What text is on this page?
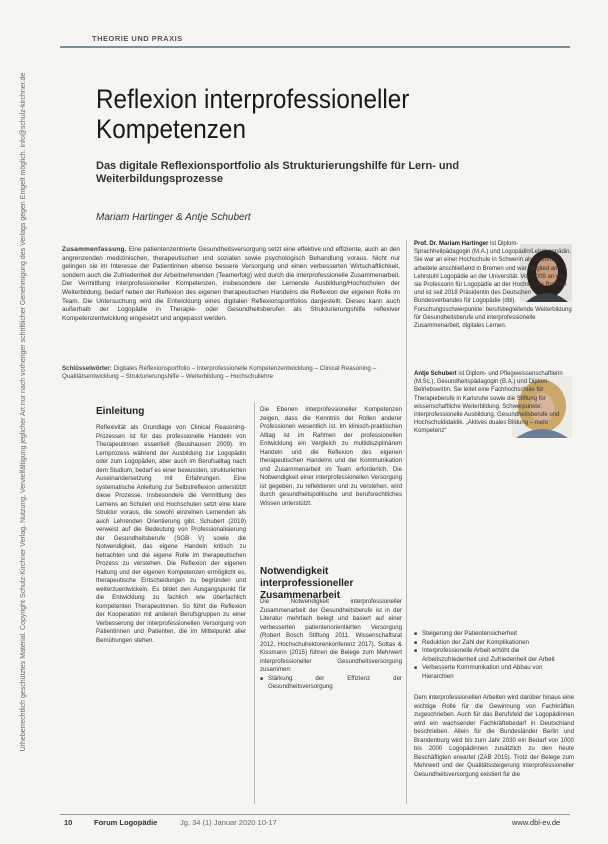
Urheberrechtlich geschütztes Material. Copyright Schulz-Kirchner Verlag. Nutzung, Vervielfältigung jeglicher Art nur nach vorheriger schriftlicher Genehmigung des Verlags gegen Entgelt möglich. info@schulz-kirchner.de
THEORIE UND PRAXIS
Reflexion interprofessioneller Kompetenzen
Das digitale Reflexionsportfolio als Strukturierungshilfe für Lern- und Weiterbildungsprozesse
Mariam Hartinger & Antje Schubert
Zusammenfassung. Eine patientenzentrierte Gesundheitsversorgung setzt eine effektive und effiziente, auch an den angrenzenden medizinischen, therapeutischen und sozialen sowie psychologisch Behandlung voraus. Nicht nur gelingen sie im Interesse der Patientinnen ebenso bessere Versorgung und einen verbesserten Wirtschaftlichkeit, sondern auch die Zufriedenheit der Arbeitnehmenden (Teamerfolg) wird durch die interprofessionelle Zusammenarbeit. Der Vermittlung interprofessioneller Kompetenzen, insbesondere der Lernende Ausbildung/Hochschulen der Weiterbildung, bedarf neben der Reflexion des eigenen therapeutischen Handelns die Reflexion der eigenen Rolle im Team. Die Untersuchung wird die Entwicklung eines digitalen Reflexionsportfolios dargestellt. Dieses kann auch außerhalb der Logopädie in Therapie- oder Gesundheitsberufen als Strukturierungshilfe reflexiver Kompetenzentwicklung eingesetzt und angepasst werden.
Schlüsselwörter: Digitales Reflexionsportfolio – Interprofessionelle Kompetenzentwicklung – Clinical Reasoning – Qualitätsentwicklung – Strukturierungshilfe – Weiterbildung – Hochschullehre
Prof. Dr. Mariam Hartinger ist Diplom-Sprachheilpädagogin (M.A.) und Logopädin/Lehrlogopädin. Sie war an einer Hochschule in Schwerin als Dozentin, arbeitete anschließend in Bremen und war Mitglied am Lehrstuhl Logopädie an der Universität. Von 2009 an war sie Professorin für Logopädie an der Hochschule Bremen und ist seit 2018 Präsidentin des Deutschen Bundesverbandes für Logopädie (dbl). Forschungsschwerpunkte: berufsbegleitende Weiterbildung für Gesundheitsberufe und interprofessionelle Zusammenarbeit, digitales Lernen.
Antje Schubert ist Diplom- und Pflegewissenschaftlerin (M.Sc.), Gesundheitspädagogin (B.A.) und Diplom-Betriebswirtin. Sie leitet eine Fachhochschule für Therapieberufe in Karlsruhe sowie die Stiftung für wissenschaftliche Weiterbildung. Schwerpunkte: interprofessionelle Ausbildung, Gesundheitsberufe und Hochschuldidaktik. „Aktives duales Bildung – mehr Kompetenz“
Einleitung

Reflexivität als Grundlage von Clinical Reasoning-Prozessen ist für das professionelle Handeln von Therapeutinnen essentiell (Beushausen 2009). Im Lernprozess während der Ausbildung zur Logopädin oder zum Logopäden, aber auch im Berufsalltag nach dem Studium, bedarf es einer bewussten, strukturierten Auseinandersetzung mit Erfahrungen. Eine systematische Anleitung zur Selbstreflexion unterstützt diese Prozesse. Insbesondere die Vermittlung des Lernens an Schulen und Hochschulen setzt eine klare Struktur voraus, die sowohl einzelnen Lernenden als auch Lehrenden Orientierung gibt. Schubert (2019) verweist auf die Bedeutung von Professionalisierung der Gesundheitsberufe (SGB V) sowie die Notwendigkeit, das eigene Handeln kritisch zu betrachten und die eigene Rolle im therapeutischen Prozess zu verstehen. Die Reflexion der eigenen Haltung und der eigenen Kompetenzen ermöglicht es, therapeutische Entscheidungen zu begründen und weiterzuentwickeln. Es bildet den Ausgangspunkt für die Entwicklung zu fachlich wie überfachlich kompetenten Therapeutinnen. So führt die Reflexion der Kooperation mit anderen Berufsgruppen zu einer Verbesserung der interprofessionellen Versorgung von Patientinnen und Patienten, die im Mittelpunkt aller Bemühungen stehen.

Die Ebenen interprofessioneller Kompetenzen zeigen, dass die Kenntnis der Rollen anderer Professionen wesentlich ist. Im klinisch-praktischen Alltag ist im Rahmen der professionellen Entwicklung ein Vergleich zu multidisziplinärem Handeln und die Reflexion des eigenen therapeutischen Handelns und der Kommunikation und Zusammenarbeit im Team erforderlich. Die Notwendigkeit einer interprofessionellen Versorgung ist gegeben, zu reflektieren und zu verstehen, wird durch gesundheitspolitische und berufsrechtliches Wissen unterstützt.

Notwendigkeit interprofessioneller Zusammenarbeit

Die Notwendigkeit interprofessioneller Zusammenarbeit der Gesundheitsberufe ist in der Literatur mehrfach belegt und basiert auf einer verbesserten patientenorientierten Versorgung (Robert Bosch Stiftung 2011, Wissenschaftsrat 2012, Hochschulrektorenkonferenz 2017). Sottas & Kissmann (2015) führen die Belege zum Mehrwert interprofessioneller Gesundheitsversorgung zusammen:

■ Stärkung der Effizienz der Gesundheitsversorgung
■ Steigerung der Patientensicherheit
■ Reduktion der Zahl der Komplikationen
■ Interprofessionelle Arbeit erhöht die Arbeitszufriedenheit und Zufriedenheit der Arbeit
■ Verbesserte Kommunikation und Abbau von Hierarchien

Dem interprofessionellen Arbeiten wird darüber hinaus eine wichtige Rolle für die Gewinnung von Fachkräften zugeschrieben. Auch für das Berufsfeld der Logopädinnen wird ein wachsender Fachkräftebedarf in Deutschland beschrieben. Allein für die Bundesländer Berlin und Brandenburg wird bis zum Jahr 2030 ein Bedarf von 1000 bis 2000 Logopädinnen zusätzlich zu den heute Beschäftigten erwartet (ZAB 2015). Trotz der Belege zum Mehrwert und der Qualitätssteigerung interprofessioneller Gesundheitsversorgung existiert für die

10	Forum Logopädie	Jg. 34 (1) Januar 2020 10-17	www.dbl-ev.de
